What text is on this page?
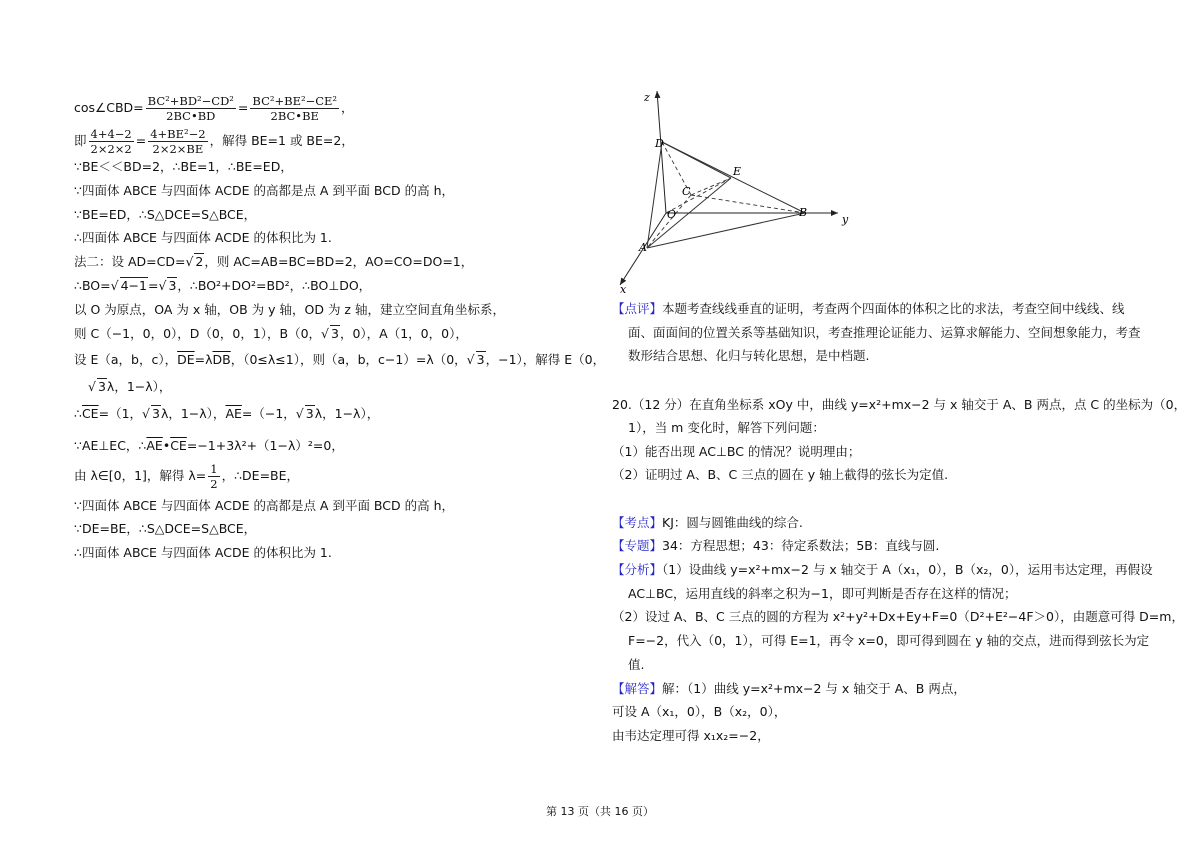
cos∠CBD= $\frac{\text{BC²+BD²−CD²}}{2BC•BD} = \frac{\text{BC²+BE²−CE²}}{2BC•BE}$ ，
即 $\frac{4+4-2}{2\times 2\times 2} = \frac{\text{4+BE²−2}}{2\times 2\times BE}$ ，解得 BE=1 或 BE=2，
∵BE＜＜BD=2，∴BE=1，∴BE=ED，
∵四面体 ABCE 与四面体 ACDE 的高都是点 A 到平面 BCD 的高 h，
∵BE=ED，∴S△DCE=S△BCE，
∴四面体 ABCE 与四面体 ACDE 的体积比为 1.
法二：设 AD=CD=√ 2，则 AC=AB=BC=BD=2，AO=CO=DO=1，
∴BO=√ 4−1=√ 3，∴BO²+DO²=BD²，∴BO⊥DO，
以 O 为原点，OA 为 x 轴，OB 为 y 轴，OD 为 z 轴，建立空间直角坐标系，
则 C（−1，0，0），D（0，0，1），B（0，√ 3，0），A（1，0，0），
设 E（a，b，c），$\overline{DE}=\lambda\overline{DB}$，（0≤λ≤1），则（a，b，c−1）=λ（0，√ 3，−1），解得 E（0，
√ 3λ，1−λ），
$\therefore\overline{CE}=(1$，√ 3λ，1−λ），$\overline{AE}=(-1$，√ 3λ，1−λ），
∵AE⊥EC，$\therefore\overline{AE}•\overline{CE}=-1+3\lambda^2+(1-\lambda)^2=0$，
由 λ∈[0，1]，解得 $\lambda= \frac{1}{2}$ ，∴DE=BE，
∵四面体 ABCE 与四面体 ACDE 的高都是点 A 到平面 BCD 的高 h，
∵DE=BE，∴S△DCE=S△BCE，
∴四面体 ABCE 与四面体 ACDE 的体积比为 1.
z
y
x
D
E
C
O	B
A
【点评】本题考查线线垂直的证明，考查两个四面体的体积之比的求法，考查空间中线线、线
面、面面间的位置关系等基础知识，考查推理论证能力、运算求解能力、空间想象能力，考查
数形结合思想、化归与转化思想，是中档题.
20.（12 分）在直角坐标系 xOy 中，曲线 y=x²+mx−2 与 x 轴交于 A、B 两点，点 C 的坐标为（0，
1），当 m 变化时，解答下列问题：
（1）能否出现 AC⊥BC 的情况？说明理由；
（2）证明过 A、B、C 三点的圆在 y 轴上截得的弦长为定值.
【考点】KJ：圆与圆锥曲线的综合.
【专题】34：方程思想；43：待定系数法；5B：直线与圆.
【分析】（1）设曲线 y=x²+mx−2 与 x 轴交于 A（x₁，0），B（x₂，0），运用韦达定理，再假设
AC⊥BC，运用直线的斜率之积为−1，即可判断是否存在这样的情况；
（2）设过 A、B、C 三点的圆的方程为 x²+y²+Dx+Ey+F=0（D²+E²−4F＞0），由题意可得 D=m，
F=−2，代入（0，1），可得 E=1，再令 x=0，即可得到圆在 y 轴的交点，进而得到弦长为定
值.
【解答】解：（1）曲线 y=x²+mx−2 与 x 轴交于 A、B 两点，
可设 A（x₁，0），B（x₂，0），
由韦达定理可得 x₁x₂=−2，
第 13 页（共 16 页）
